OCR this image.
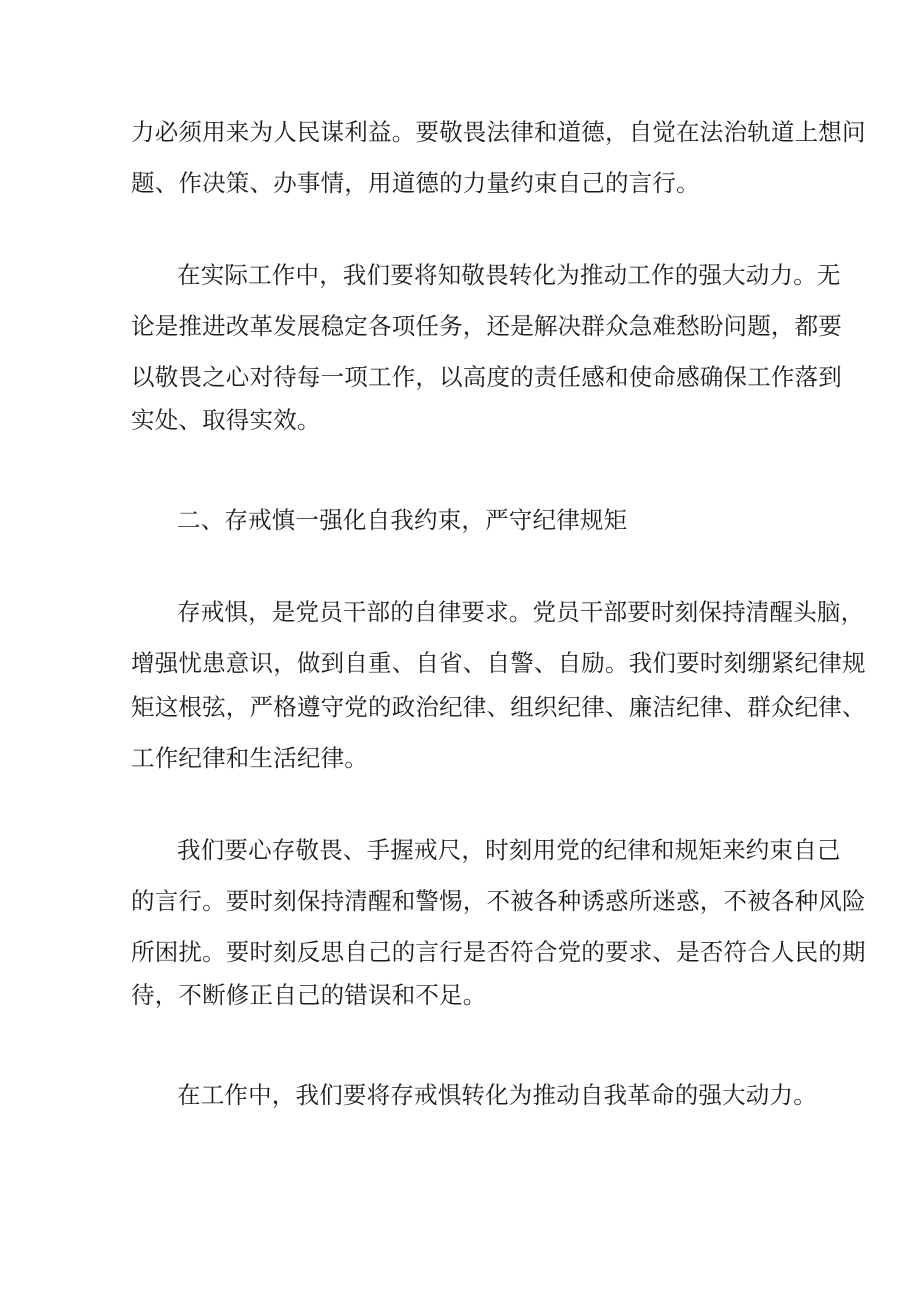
力必须用来为人民谋利益。要敬畏法律和道德，自觉在法治轨道上想问
题、作决策、办事情，用道德的力量约束自己的言行。
在实际工作中，我们要将知敬畏转化为推动工作的强大动力。无
论是推进改革发展稳定各项任务，还是解决群众急难愁盼问题，都要
以敬畏之心对待每一项工作，以高度的责任感和使命感确保工作落到
实处、取得实效。
二、存戒慎一强化自我约束，严守纪律规矩
存戒惧，是党员干部的自律要求。党员干部要时刻保持清醒头脑，
增强忧患意识，做到自重、自省、自警、自励。我们要时刻绷紧纪律规
矩这根弦，严格遵守党的政治纪律、组织纪律、廉洁纪律、群众纪律、
工作纪律和生活纪律。
我们要心存敬畏、手握戒尺，时刻用党的纪律和规矩来约束自己
的言行。要时刻保持清醒和警惕，不被各种诱惑所迷惑，不被各种风险
所困扰。要时刻反思自己的言行是否符合党的要求、是否符合人民的期
待，不断修正自己的错误和不足。
在工作中，我们要将存戒惧转化为推动自我革命的强大动力。
